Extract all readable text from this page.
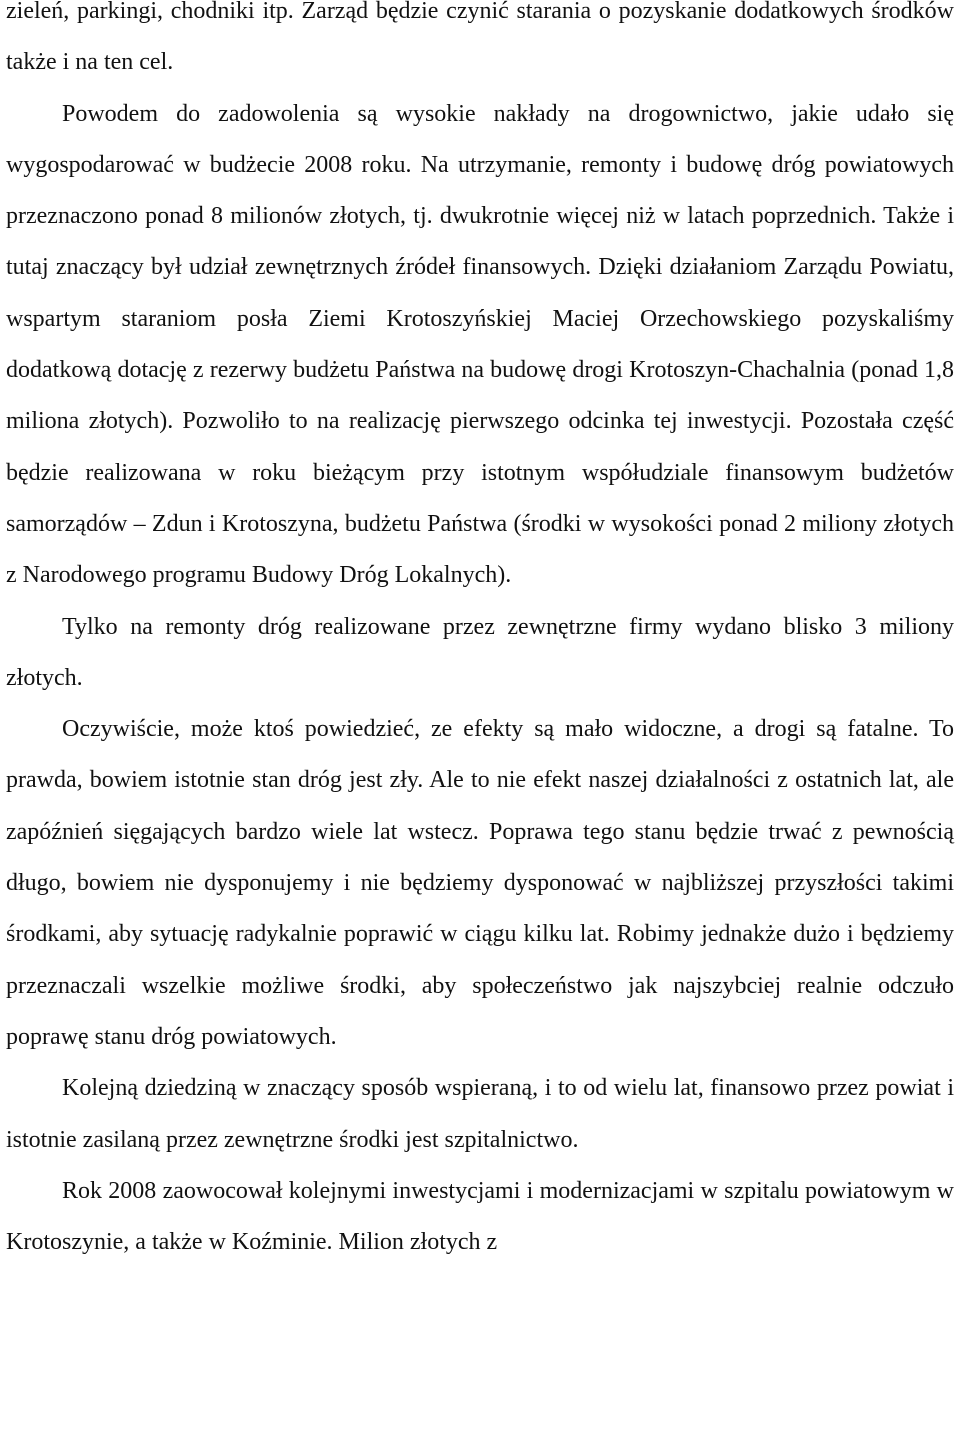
zieleń, parkingi, chodniki itp. Zarząd będzie czynić starania o pozyskanie dodatkowych środków także i na ten cel.

Powodem do zadowolenia są wysokie nakłady na drogownictwo, jakie udało się wygospodarować w budżecie 2008 roku. Na utrzymanie, remonty i budowę dróg powiatowych przeznaczono ponad 8 milionów złotych, tj. dwukrotnie więcej niż w latach poprzednich. Także i tutaj znaczący był udział zewnętrznych źródeł finansowych. Dzięki działaniom Zarządu Powiatu, wspartym staraniom posła Ziemi Krotoszyńskiej Maciej Orzechowskiego pozyskaliśmy dodatkową dotację z rezerwy budżetu Państwa na budowę drogi Krotoszyn-Chachalnia (ponad 1,8 miliona złotych). Pozwoliło to na realizację pierwszego odcinka tej inwestycji. Pozostała część będzie realizowana w roku bieżącym przy istotnym współudziale finansowym budżetów samorządów – Zdun i Krotoszyna, budżetu Państwa (środki w wysokości ponad 2 miliony złotych z Narodowego programu Budowy Dróg Lokalnych).

Tylko na remonty dróg realizowane przez zewnętrzne firmy wydano blisko 3 miliony złotych.

Oczywiście, może ktoś powiedzieć, ze efekty są mało widoczne, a drogi są fatalne. To prawda, bowiem istotnie stan dróg jest zły. Ale to nie efekt naszej działalności z ostatnich lat, ale zapóźnień sięgających bardzo wiele lat wstecz. Poprawa tego stanu będzie trwać z pewnością długo, bowiem nie dysponujemy i nie będziemy dysponować w najbliższej przyszłości takimi środkami, aby sytuację radykalnie poprawić w ciągu kilku lat. Robimy jednakże dużo i będziemy przeznaczali wszelkie możliwe środki, aby społeczeństwo jak najszybciej realnie odczuło poprawę stanu dróg powiatowych.

Kolejną dziedziną w znaczący sposób wspieraną, i to od wielu lat, finansowo przez powiat i istotnie zasilaną przez zewnętrzne środki jest szpitalnictwo.

Rok 2008 zaowocował kolejnymi inwestycjami i modernizacjami w szpitalu powiatowym w Krotoszynie, a także w Koźminie. Milion złotych z
